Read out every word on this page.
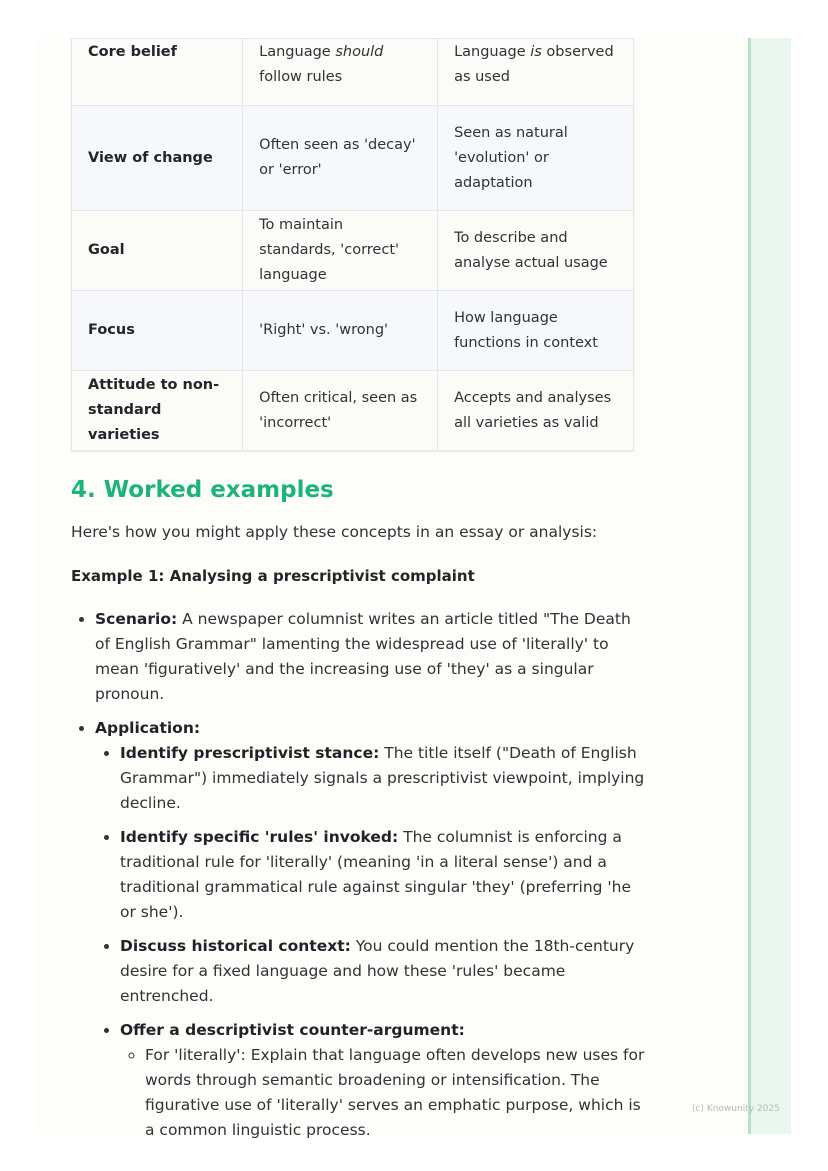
Core belief	Language should follow rules	Language is observed as used
View of change	Often seen as 'decay' or 'error'	Seen as natural 'evolution' or adaptation
Goal	To maintain standards, 'correct' language	To describe and analyse actual usage
Focus	'Right' vs. 'wrong'	How language functions in context
Attitude to non-standard varieties	Often critical, seen as 'incorrect'	Accepts and analyses all varieties as valid
4. Worked examples
Here's how you might apply these concepts in an essay or analysis:
Example 1: Analysing a prescriptivist complaint
• Scenario: A newspaper columnist writes an article titled "The Death of English Grammar" lamenting the widespread use of 'literally' to mean 'figuratively' and the increasing use of 'they' as a singular pronoun.
• Application:
• Identify prescriptivist stance: The title itself ("Death of English Grammar") immediately signals a prescriptivist viewpoint, implying decline.
• Identify specific 'rules' invoked: The columnist is enforcing a traditional rule for 'literally' (meaning 'in a literal sense') and a traditional grammatical rule against singular 'they' (preferring 'he or she').
• Discuss historical context: You could mention the 18th-century desire for a fixed language and how these 'rules' became entrenched.
• Offer a descriptivist counter-argument:
◦ For 'literally': Explain that language often develops new uses for words through semantic broadening or intensification. The figurative use of 'literally' serves an emphatic purpose, which is a common linguistic process.
(c) Knowunity 2025
